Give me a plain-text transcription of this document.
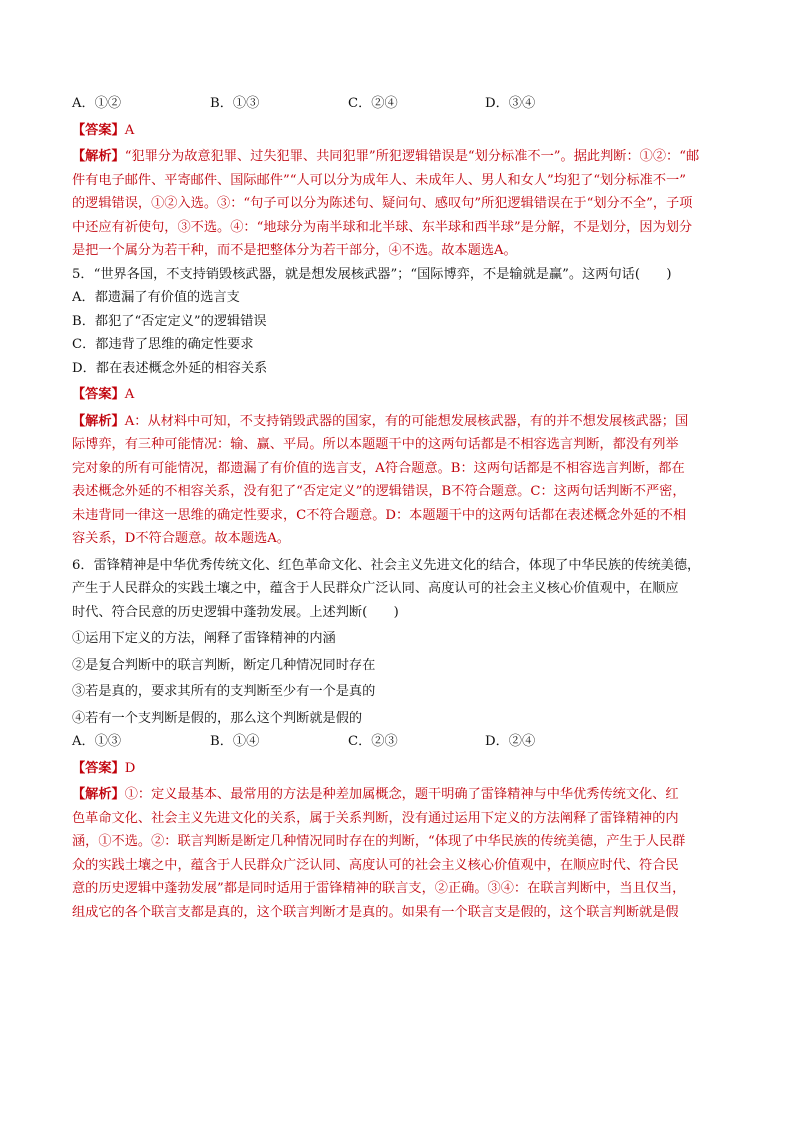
A．①②	B．①③	C．②④	D．③④

【答案】A

【解析】“犯罪分为故意犯罪、过失犯罪、共同犯罪”所犯逻辑错误是“划分标准不一”。据此判断：①②：“邮

件有电子邮件、平寄邮件、国际邮件”“人可以分为成年人、未成年人、男人和女人”均犯了“划分标准不一”

的逻辑错误，①②入选。③：“句子可以分为陈述句、疑问句、感叹句”所犯逻辑错误在于“划分不全”，子项

中还应有祈使句，③不选。④：“地球分为南半球和北半球、东半球和西半球”是分解，不是划分，因为划分

是把一个属分为若干种，而不是把整体分为若干部分，④不选。故本题选A。

5．“世界各国，不支持销毁核武器，就是想发展核武器”；“国际博弈，不是输就是赢”。这两句话(　　)

A．都遗漏了有价值的选言支

B．都犯了“否定定义”的逻辑错误

C．都违背了思维的确定性要求

D．都在表述概念外延的相容关系

【答案】A

【解析】A：从材料中可知，不支持销毁武器的国家，有的可能想发展核武器，有的并不想发展核武器；国

际博弈，有三种可能情况：输、赢、平局。所以本题题干中的这两句话都是不相容选言判断，都没有列举

完对象的所有可能情况，都遗漏了有价值的选言支，A符合题意。B：这两句话都是不相容选言判断，都在

表述概念外延的不相容关系，没有犯了“否定定义”的逻辑错误，B不符合题意。C：这两句话判断不严密，

未违背同一律这一思维的确定性要求，C不符合题意。D：本题题干中的这两句话都在表述概念外延的不相

容关系，D不符合题意。故本题选A。

6．雷锋精神是中华优秀传统文化、红色革命文化、社会主义先进文化的结合，体现了中华民族的传统美德，

产生于人民群众的实践土壤之中，蕴含于人民群众广泛认同、高度认可的社会主义核心价值观中，在顺应

时代、符合民意的历史逻辑中蓬勃发展。上述判断(　　)

①运用下定义的方法，阐释了雷锋精神的内涵

②是复合判断中的联言判断，断定几种情况同时存在

③若是真的，要求其所有的支判断至少有一个是真的

④若有一个支判断是假的，那么这个判断就是假的

A．①③	B．①④	C．②③	D．②④

【答案】D

【解析】①：定义最基本、最常用的方法是种差加属概念，题干明确了雷锋精神与中华优秀传统文化、红

色革命文化、社会主义先进文化的关系，属于关系判断，没有通过运用下定义的方法阐释了雷锋精神的内

涵，①不选。②：联言判断是断定几种情况同时存在的判断，“体现了中华民族的传统美德，产生于人民群

众的实践土壤之中，蕴含于人民群众广泛认同、高度认可的社会主义核心价值观中，在顺应时代、符合民

意的历史逻辑中蓬勃发展”都是同时适用于雷锋精神的联言支，②正确。③④：在联言判断中，当且仅当，

组成它的各个联言支都是真的，这个联言判断才是真的。如果有一个联言支是假的，这个联言判断就是假
